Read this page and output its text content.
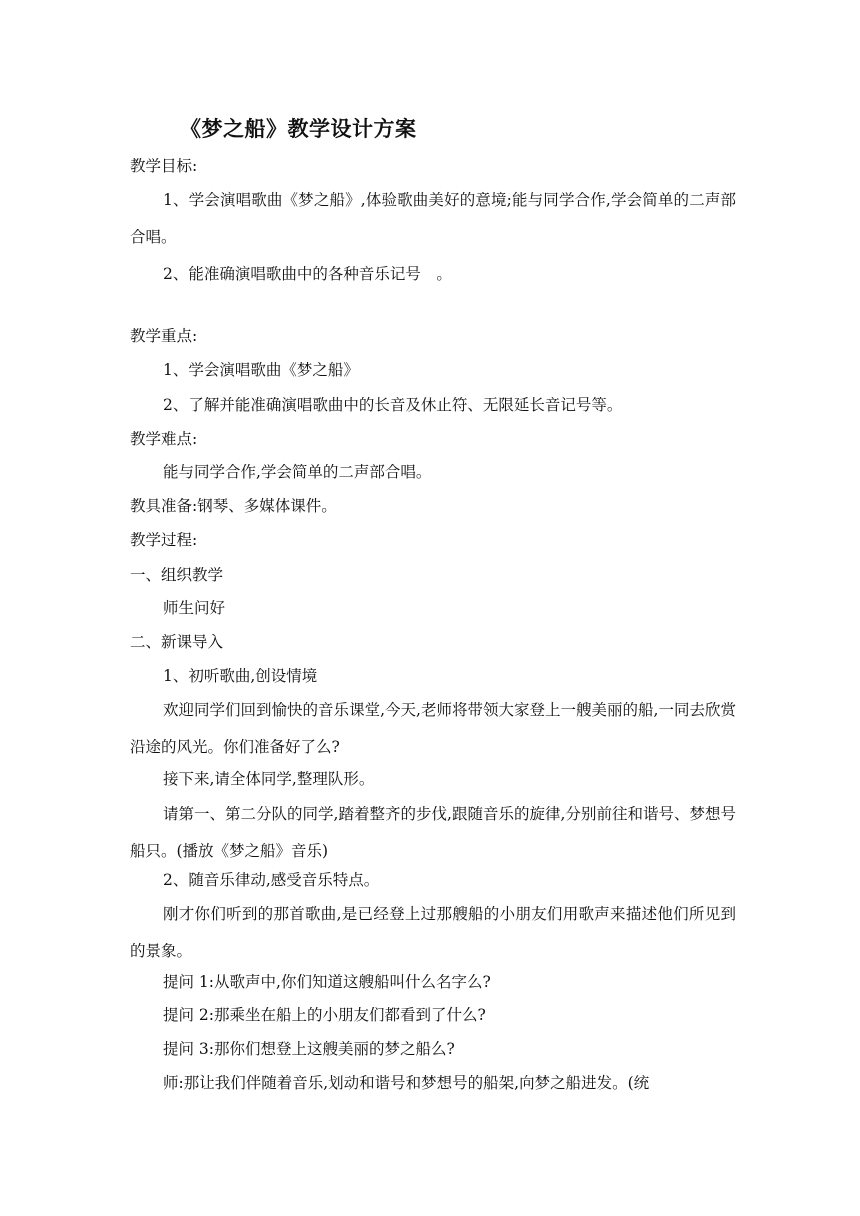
《梦之船》教学设计方案
教学目标:
1、学会演唱歌曲《梦之船》,体验歌曲美好的意境;能与同学合作,学会简单的二声部合唱。
2、能准确演唱歌曲中的各种音乐记号　。
教学重点:
1、学会演唱歌曲《梦之船》
2、了解并能准确演唱歌曲中的长音及休止符、无限延长音记号等。
教学难点:
能与同学合作,学会简单的二声部合唱。
教具准备:钢琴、多媒体课件。
教学过程:
一、组织教学
师生问好
二、新课导入
1、初听歌曲,创设情境
欢迎同学们回到愉快的音乐课堂,今天,老师将带领大家登上一艘美丽的船,一同去欣赏沿途的风光。你们准备好了么?
接下来,请全体同学,整理队形。
请第一、第二分队的同学,踏着整齐的步伐,跟随音乐的旋律,分别前往和谐号、梦想号船只。(播放《梦之船》音乐)
2、随音乐律动,感受音乐特点。
刚才你们听到的那首歌曲,是已经登上过那艘船的小朋友们用歌声来描述他们所见到的景象。
提问 1:从歌声中,你们知道这艘船叫什么名字么?
提问 2:那乘坐在船上的小朋友们都看到了什么?
提问 3:那你们想登上这艘美丽的梦之船么?
师:那让我们伴随着音乐,划动和谐号和梦想号的船架,向梦之船进发。(统
